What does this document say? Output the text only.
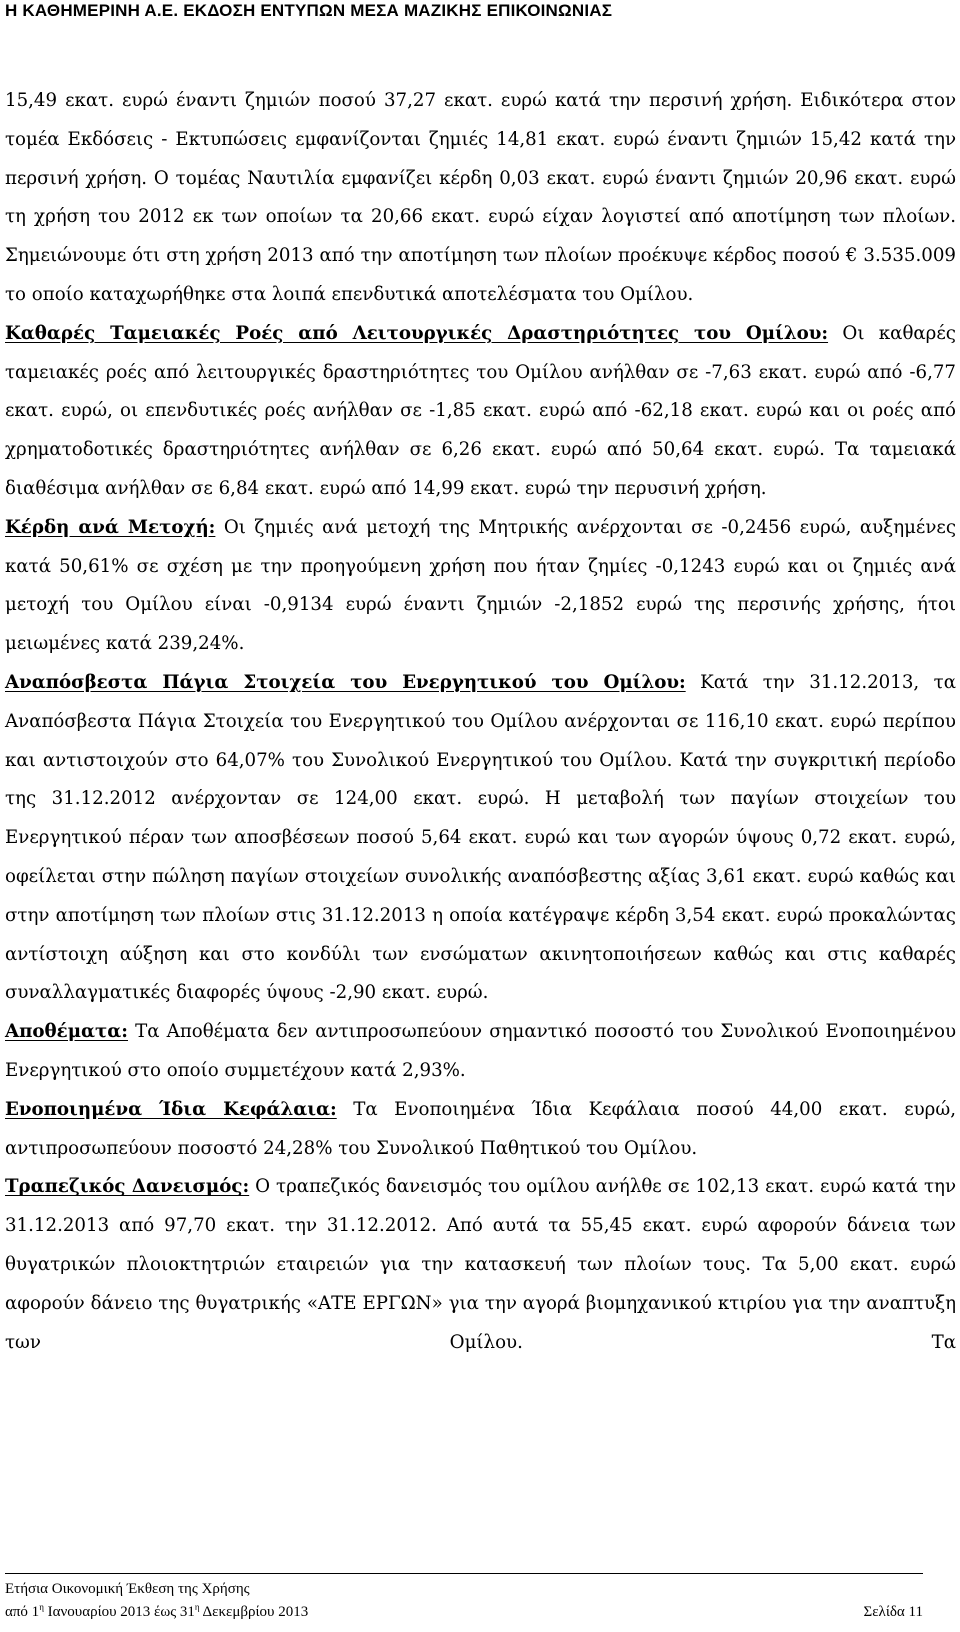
Η ΚΑΘΗΜΕΡΙΝΗ Α.Ε. ΕΚΔΟΣΗ ΕΝΤΥΠΩΝ ΜΕΣΑ ΜΑΖΙΚΗΣ ΕΠΙΚΟΙΝΩΝΙΑΣ

15,49 εκατ. ευρώ έναντι ζημιών ποσού 37,27 εκατ. ευρώ κατά την περσινή χρήση. Ειδικότερα στον τομέα Εκδόσεις - Εκτυπώσεις εμφανίζονται ζημιές 14,81 εκατ. ευρώ έναντι ζημιών 15,42 κατά την περσινή χρήση. Ο τομέας Ναυτιλία εμφανίζει κέρδη 0,03 εκατ. ευρώ έναντι ζημιών 20,96 εκατ. ευρώ τη χρήση του 2012 εκ των οποίων τα 20,66 εκατ. ευρώ είχαν λογιστεί από αποτίμηση των πλοίων. Σημειώνουμε ότι στη χρήση 2013 από την αποτίμηση των πλοίων προέκυψε κέρδος ποσού € 3.535.009 το οποίο καταχωρήθηκε στα λοιπά επενδυτικά αποτελέσματα του Ομίλου.

Καθαρές Ταμειακές Ροές από Λειτουργικές Δραστηριότητες του Ομίλου: Οι καθαρές ταμειακές ροές από λειτουργικές δραστηριότητες του Ομίλου ανήλθαν σε -7,63 εκατ. ευρώ από -6,77 εκατ. ευρώ, οι επενδυτικές ροές ανήλθαν σε -1,85 εκατ. ευρώ από -62,18 εκατ. ευρώ και οι ροές από χρηματοδοτικές δραστηριότητες ανήλθαν σε 6,26 εκατ. ευρώ από 50,64 εκατ. ευρώ. Τα ταμειακά διαθέσιμα ανήλθαν σε 6,84 εκατ. ευρώ από 14,99 εκατ. ευρώ την περυσινή χρήση.

Κέρδη ανά Μετοχή: Οι ζημιές ανά μετοχή της Μητρικής ανέρχονται σε -0,2456 ευρώ, αυξημένες κατά 50,61% σε σχέση με την προηγούμενη χρήση που ήταν ζημίες -0,1243 ευρώ και οι ζημιές ανά μετοχή του Ομίλου είναι -0,9134 ευρώ έναντι ζημιών -2,1852 ευρώ της περσινής χρήσης, ήτοι μειωμένες κατά 239,24%.

Αναπόσβεστα Πάγια Στοιχεία του Ενεργητικού του Ομίλου: Κατά την 31.12.2013, τα Αναπόσβεστα Πάγια Στοιχεία του Ενεργητικού του Ομίλου ανέρχονται σε 116,10 εκατ. ευρώ περίπου και αντιστοιχούν στο 64,07% του Συνολικού Ενεργητικού του Ομίλου. Κατά την συγκριτική περίοδο της 31.12.2012 ανέρχονταν σε 124,00 εκατ. ευρώ. Η μεταβολή των παγίων στοιχείων του Ενεργητικού πέραν των αποσβέσεων ποσού 5,64 εκατ. ευρώ και των αγορών ύψους 0,72 εκατ. ευρώ, οφείλεται στην πώληση παγίων στοιχείων συνολικής αναπόσβεστης αξίας 3,61 εκατ. ευρώ καθώς και στην αποτίμηση των πλοίων στις 31.12.2013 η οποία κατέγραψε κέρδη 3,54 εκατ. ευρώ προκαλώντας αντίστοιχη αύξηση και στο κονδύλι των ενσώματων ακινητοποιήσεων καθώς και στις καθαρές συναλλαγματικές διαφορές ύψους -2,90 εκατ. ευρώ.

Αποθέματα: Τα Αποθέματα δεν αντιπροσωπεύουν σημαντικό ποσοστό του Συνολικού Ενοποιημένου Ενεργητικού στο οποίο συμμετέχουν κατά 2,93%.

Ενοποιημένα Ίδια Κεφάλαια: Τα Ενοποιημένα Ίδια Κεφάλαια ποσού 44,00 εκατ. ευρώ, αντιπροσωπεύουν ποσοστό 24,28% του Συνολικού Παθητικού του Ομίλου.

Τραπεζικός Δανεισμός: Ο τραπεζικός δανεισμός του ομίλου ανήλθε σε 102,13 εκατ. ευρώ κατά την 31.12.2013 από 97,70 εκατ. την 31.12.2012. Από αυτά τα 55,45 εκατ. ευρώ αφορούν δάνεια των θυγατρικών πλοιοκτητριών εταιρειών για την κατασκευή των πλοίων τους. Τα 5,00 εκατ. ευρώ αφορούν δάνειο της θυγατρικής «ΑΤΕ ΕΡΓΩΝ» για την αγορά βιομηχανικού κτιρίου για την αναπτυξη των Ομίλου. Τα

Ετήσια Οικονομική Έκθεση της Χρήσης
από $1^\eta$ Ιανουαρίου 2013 έως $31^\eta$ Δεκεμβρίου 2013	Σελίδα 11
